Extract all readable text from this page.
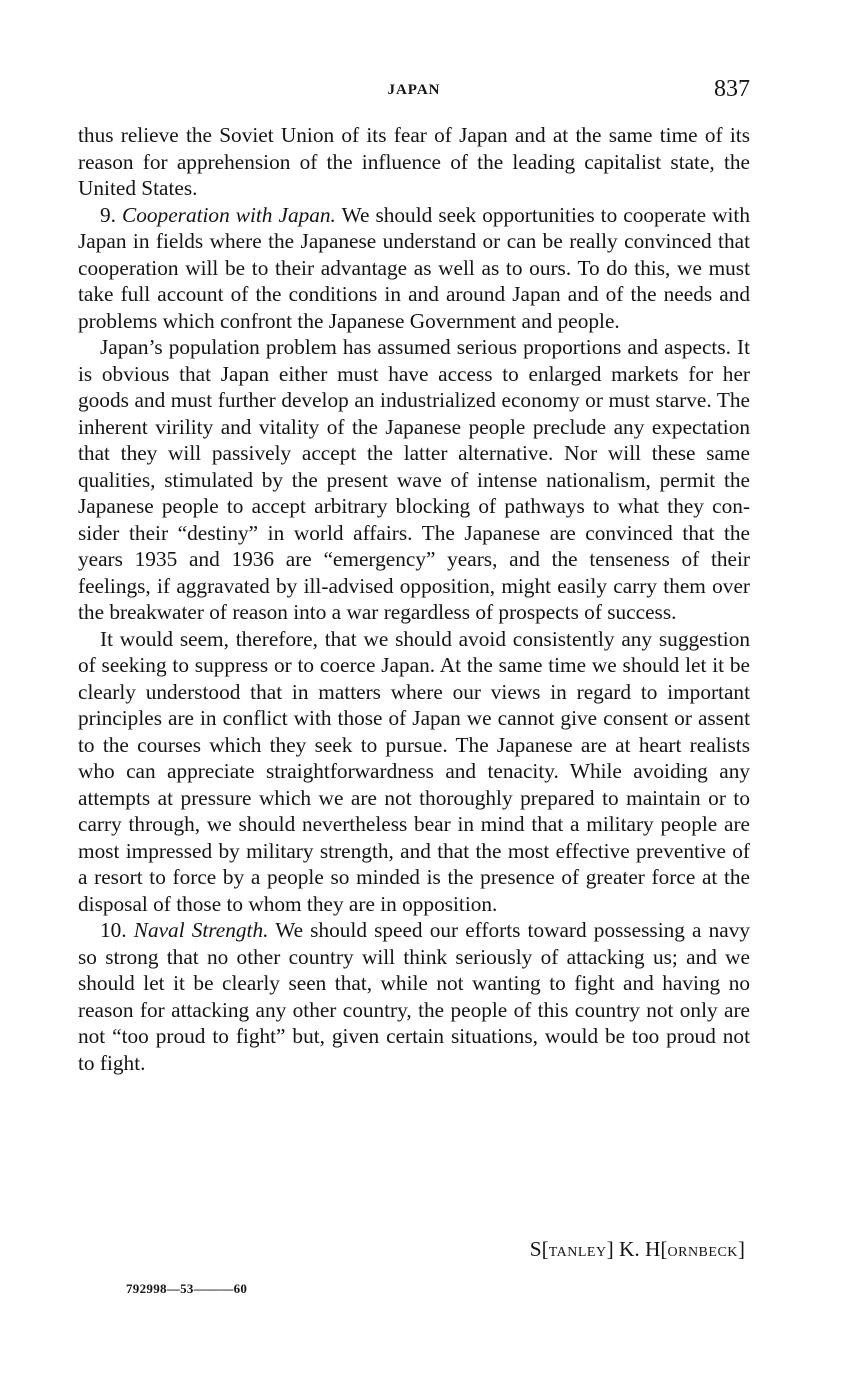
JAPAN	837

thus relieve the Soviet Union of its fear of Japan and at the same time of its reason for apprehension of the influence of the leading capitalist state, the United States.

9. Cooperation with Japan. We should seek opportunities to cooperate with Japan in fields where the Japanese understand or can be really convinced that cooperation will be to their advantage as well as to ours. To do this, we must take full account of the conditions in and around Japan and of the needs and problems which confront the Japanese Government and people.

Japan’s population problem has assumed serious proportions and aspects. It is obvious that Japan either must have access to enlarged markets for her goods and must further develop an industrialized economy or must starve. The inherent virility and vitality of the Japanese people preclude any expectation that they will passively accept the latter alternative. Nor will these same qualities, stimulated by the present wave of intense nationalism, permit the Japanese people to accept arbitrary blocking of pathways to what they consider their “destiny” in world affairs. The Japanese are convinced that the years 1935 and 1936 are “emergency” years, and the tenseness of their feelings, if aggravated by ill-advised opposition, might easily carry them over the breakwater of reason into a war regardless of prospects of success.

It would seem, therefore, that we should avoid consistently any suggestion of seeking to suppress or to coerce Japan. At the same time we should let it be clearly understood that in matters where our views in regard to important principles are in conflict with those of Japan we cannot give consent or assent to the courses which they seek to pursue. The Japanese are at heart realists who can appreciate straightforwardness and tenacity. While avoiding any attempts at pressure which we are not thoroughly prepared to maintain or to carry through, we should nevertheless bear in mind that a military people are most impressed by military strength, and that the most effective preventive of a resort to force by a people so minded is the presence of greater force at the disposal of those to whom they are in opposition.

10. Naval Strength. We should speed our efforts toward possessing a navy so strong that no other country will think seriously of attacking us; and we should let it be clearly seen that, while not wanting to fight and having no reason for attacking any other country, the people of this country not only are not “too proud to fight” but, given certain situations, would be too proud not to fight.

S[TANLEY] K. H[ORNBECK]
792998—53———60
